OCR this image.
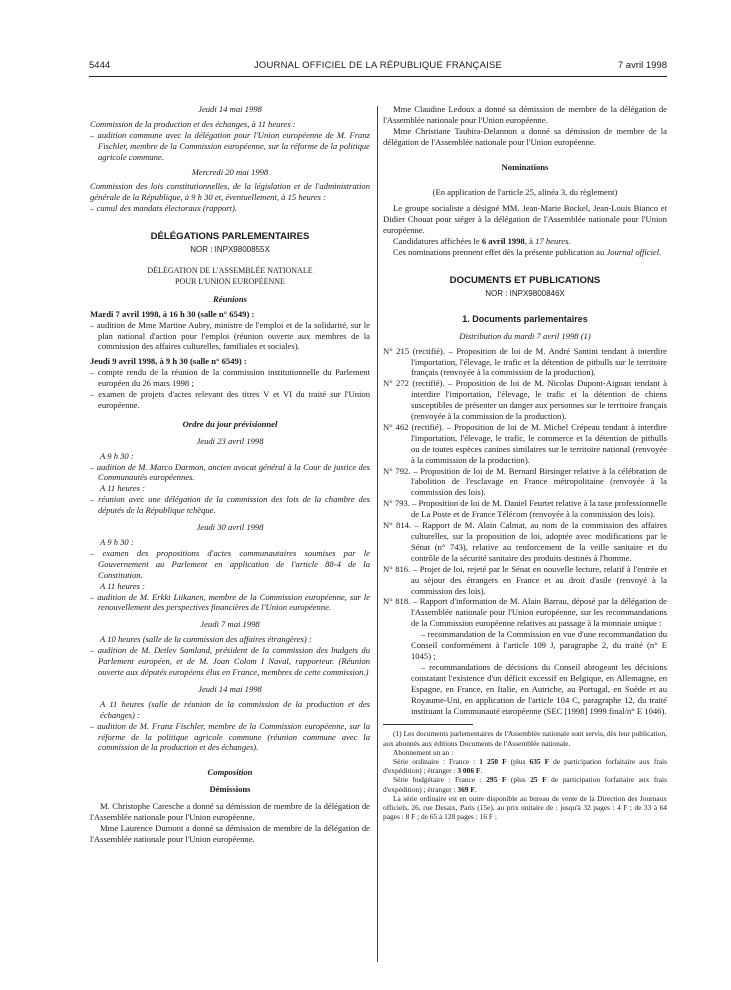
5444	JOURNAL OFFICIEL DE LA RÉPUBLIQUE FRANÇAISE	7 avril 1998

Jeudi 14 mai 1998

Commission de la production et des échanges, à 11 heures :

– audition commune avec la délégation pour l'Union européenne de M. Franz Fischler, membre de la Commission européenne, sur la réforme de la politique agricole commune.

Mercredi 20 mai 1998

Commission des lois constitutionnelles, de la législation et de l'administration générale de la République, à 9 h 30 et, éventuellement, à 15 heures :

– cumul des mandats électoraux (rapport).

DÉLÉGATIONS PARLEMENTAIRES

NOR : INPX9800855X

DÉLÉGATION DE L'ASSEMBLÉE NATIONALE

POUR L'UNION EUROPÉENNE

Réunions

Mardi 7 avril 1998, à 16 h 30 (salle n° 6549) :

– audition de Mme Martine Aubry, ministre de l'emploi et de la solidarité, sur le plan national d'action pour l'emploi (réunion ouverte aux membres de la commission des affaires culturelles, familiales et sociales).

Jeudi 9 avril 1998, à 9 h 30 (salle n° 6549) :

– compte rendu de la réunion de la commission institutionnelle du Parlement européen du 26 mars 1998 ;

– examen de projets d'actes relevant des titres V et VI du traité sur l'Union européenne.

Ordre du jour prévisionnel

Jeudi 23 avril 1998

A 9 h 30 :

– audition de M. Marco Darmon, ancien avocat général à la Cour de justice des Communautés européennes.

A 11 heures :

– réunion avec une délégation de la commission des lois de la chambre des députés de la République tchèque.

Jeudi 30 avril 1998

A 9 h 30 :

– examen des propositions d'actes communautaires soumises par le Gouvernement au Parlement en application de l'article 88-4 de la Constitution.

A 11 heures :

– audition de M. Erkki Liikanen, membre de la Commission européenne, sur le renouvellement des perspectives financières de l'Union européenne.

Jeudi 7 mai 1998

A 10 heures (salle de la commission des affaires étrangères) :

– audition de M. Detlev Samland, président de la commission des budgets du Parlement européen, et de M. Joan Colom I Naval, rapporteur. (Réunion ouverte aux députés européens élus en France, membres de cette commission.)

Jeudi 14 mai 1998

A 11 heures (salle de réunion de la commission de la production et des échanges) :

– audition de M. Franz Fischler, membre de la Commission européenne, sur la réforme de la politique agricole commune (réunion commune avec la commission de la production et des échanges).

Composition

Démissions

M. Christophe Caresche a donné sa démission de membre de la délégation de l'Assemblée nationale pour l'Union européenne.

Mme Laurence Dumont a donné sa démission de membre de la délégation de l'Assemblée nationale pour l'Union européenne.

Mme Claudine Ledoux a donné sa démission de membre de la délégation de l'Assemblée nationale pour l'Union européenne.

Mme Christiane Taubira-Delannon a donné sa démission de membre de la délégation de l'Assemblée nationale pour l'Union européenne.

Nominations

(En application de l'article 25, alinéa 3, du règlement)

Le groupe socialiste a désigné MM. Jean-Marie Bockel, Jean-Louis Bianco et Didier Chouat pour siéger à la délégation de l'Assemblée nationale pour l'Union européenne.

Candidatures affichées le 6 avril 1998, à 17 heures.

Ces nominations prennent effet dès la présente publication au Journal officiel.

DOCUMENTS ET PUBLICATIONS

NOR : INPX9800846X

1. Documents parlementaires

Distribution du mardi 7 avril 1998 (1)

N° 215 (rectifié). – Proposition de loi de M. André Santini tendant à interdire l'importation, l'élevage, le trafic et la détention de pitbulls sur le territoire français (renvoyée à la commission de la production).

N° 272 (rectifié). – Proposition de loi de M. Nicolas Dupont-Aignan tendant à interdire l'importation, l'élevage, le trafic et la détention de chiens susceptibles de présenter un danger aux personnes sur le territoire français (renvoyée à la commission de la production).

N° 462 (rectifié). – Proposition de loi de M. Michel Crépeau tendant à interdire l'importation, l'élevage, le trafic, le commerce et la détention de pitbulls ou de toutes espèces canines similaires sur le territoire national (renvoyée à la commission de la production).

N° 792. – Proposition de loi de M. Bernard Birsinger relative à la célébration de l'abolition de l'esclavage en France métropolitaine (renvoyée à la commission des lois).

N° 793. – Proposition de loi de M. Daniel Feurtet relative à la taxe professionnelle de La Poste et de France Télécom (renvoyée à la commission des lois).

N° 814. – Rapport de M. Alain Calmat, au nom de la commission des affaires culturelles, sur la proposition de loi, adoptée avec modifications par le Sénat (n° 743), relative au renforcement de la veille sanitaire et du contrôle de la sécurité sanitaire des produits destinés à l'homme.

N° 816. – Projet de loi, rejeté par le Sénat en nouvelle lecture, relatif à l'entrée et au séjour des étrangers en France et au droit d'asile (renvoyé à la commission des lois).

N° 818. – Rapport d'information de M. Alain Barrau, déposé par la délégation de l'Assemblée nationale pour l'Union européenne, sur les recommandations de la Commission européenne relatives au passage à la monnaie unique :

– recommandation de la Commission en vue d'une recommandation du Conseil conformément à l'article 109 J, paragraphe 2, du traité (n° E 1045) ;

– recommandations de décisions du Conseil abrogeant les décisions constatant l'existence d'un déficit excessif en Belgique, en Allemagne, en Espagne, en France, en Italie, en Autriche, au Portugal, en Suède et au Royaume-Uni, en application de l'article 104 C, paragraphe 12, du traité instituant la Communauté européenne (SEC [1998] 1999 final/n° E 1046).

(1) Les documents parlementaires de l'Assemblée nationale sont servis, dès leur publication, aux abonnés aux éditions Documents de l'Assemblée nationale.

Abonnement un an :

Série ordinaire : France : 1 250 F (plus 635 F de participation forfaitaire aux frais d'expédition) ; étranger : 3 006 F.

Série budgétaire : France : 295 F (plus 25 F de participation forfaitaire aux frais d'expédition) ; étranger : 369 F.

La série ordinaire est en outre disponible au bureau de vente de la Direction des Journaux officiels, 26, rue Desaix, Paris (15e), au prix unitaire de : jusqu'à 32 pages : 4 F ; de 33 à 64 pages : 8 F ; de 65 à 128 pages : 16 F ;
